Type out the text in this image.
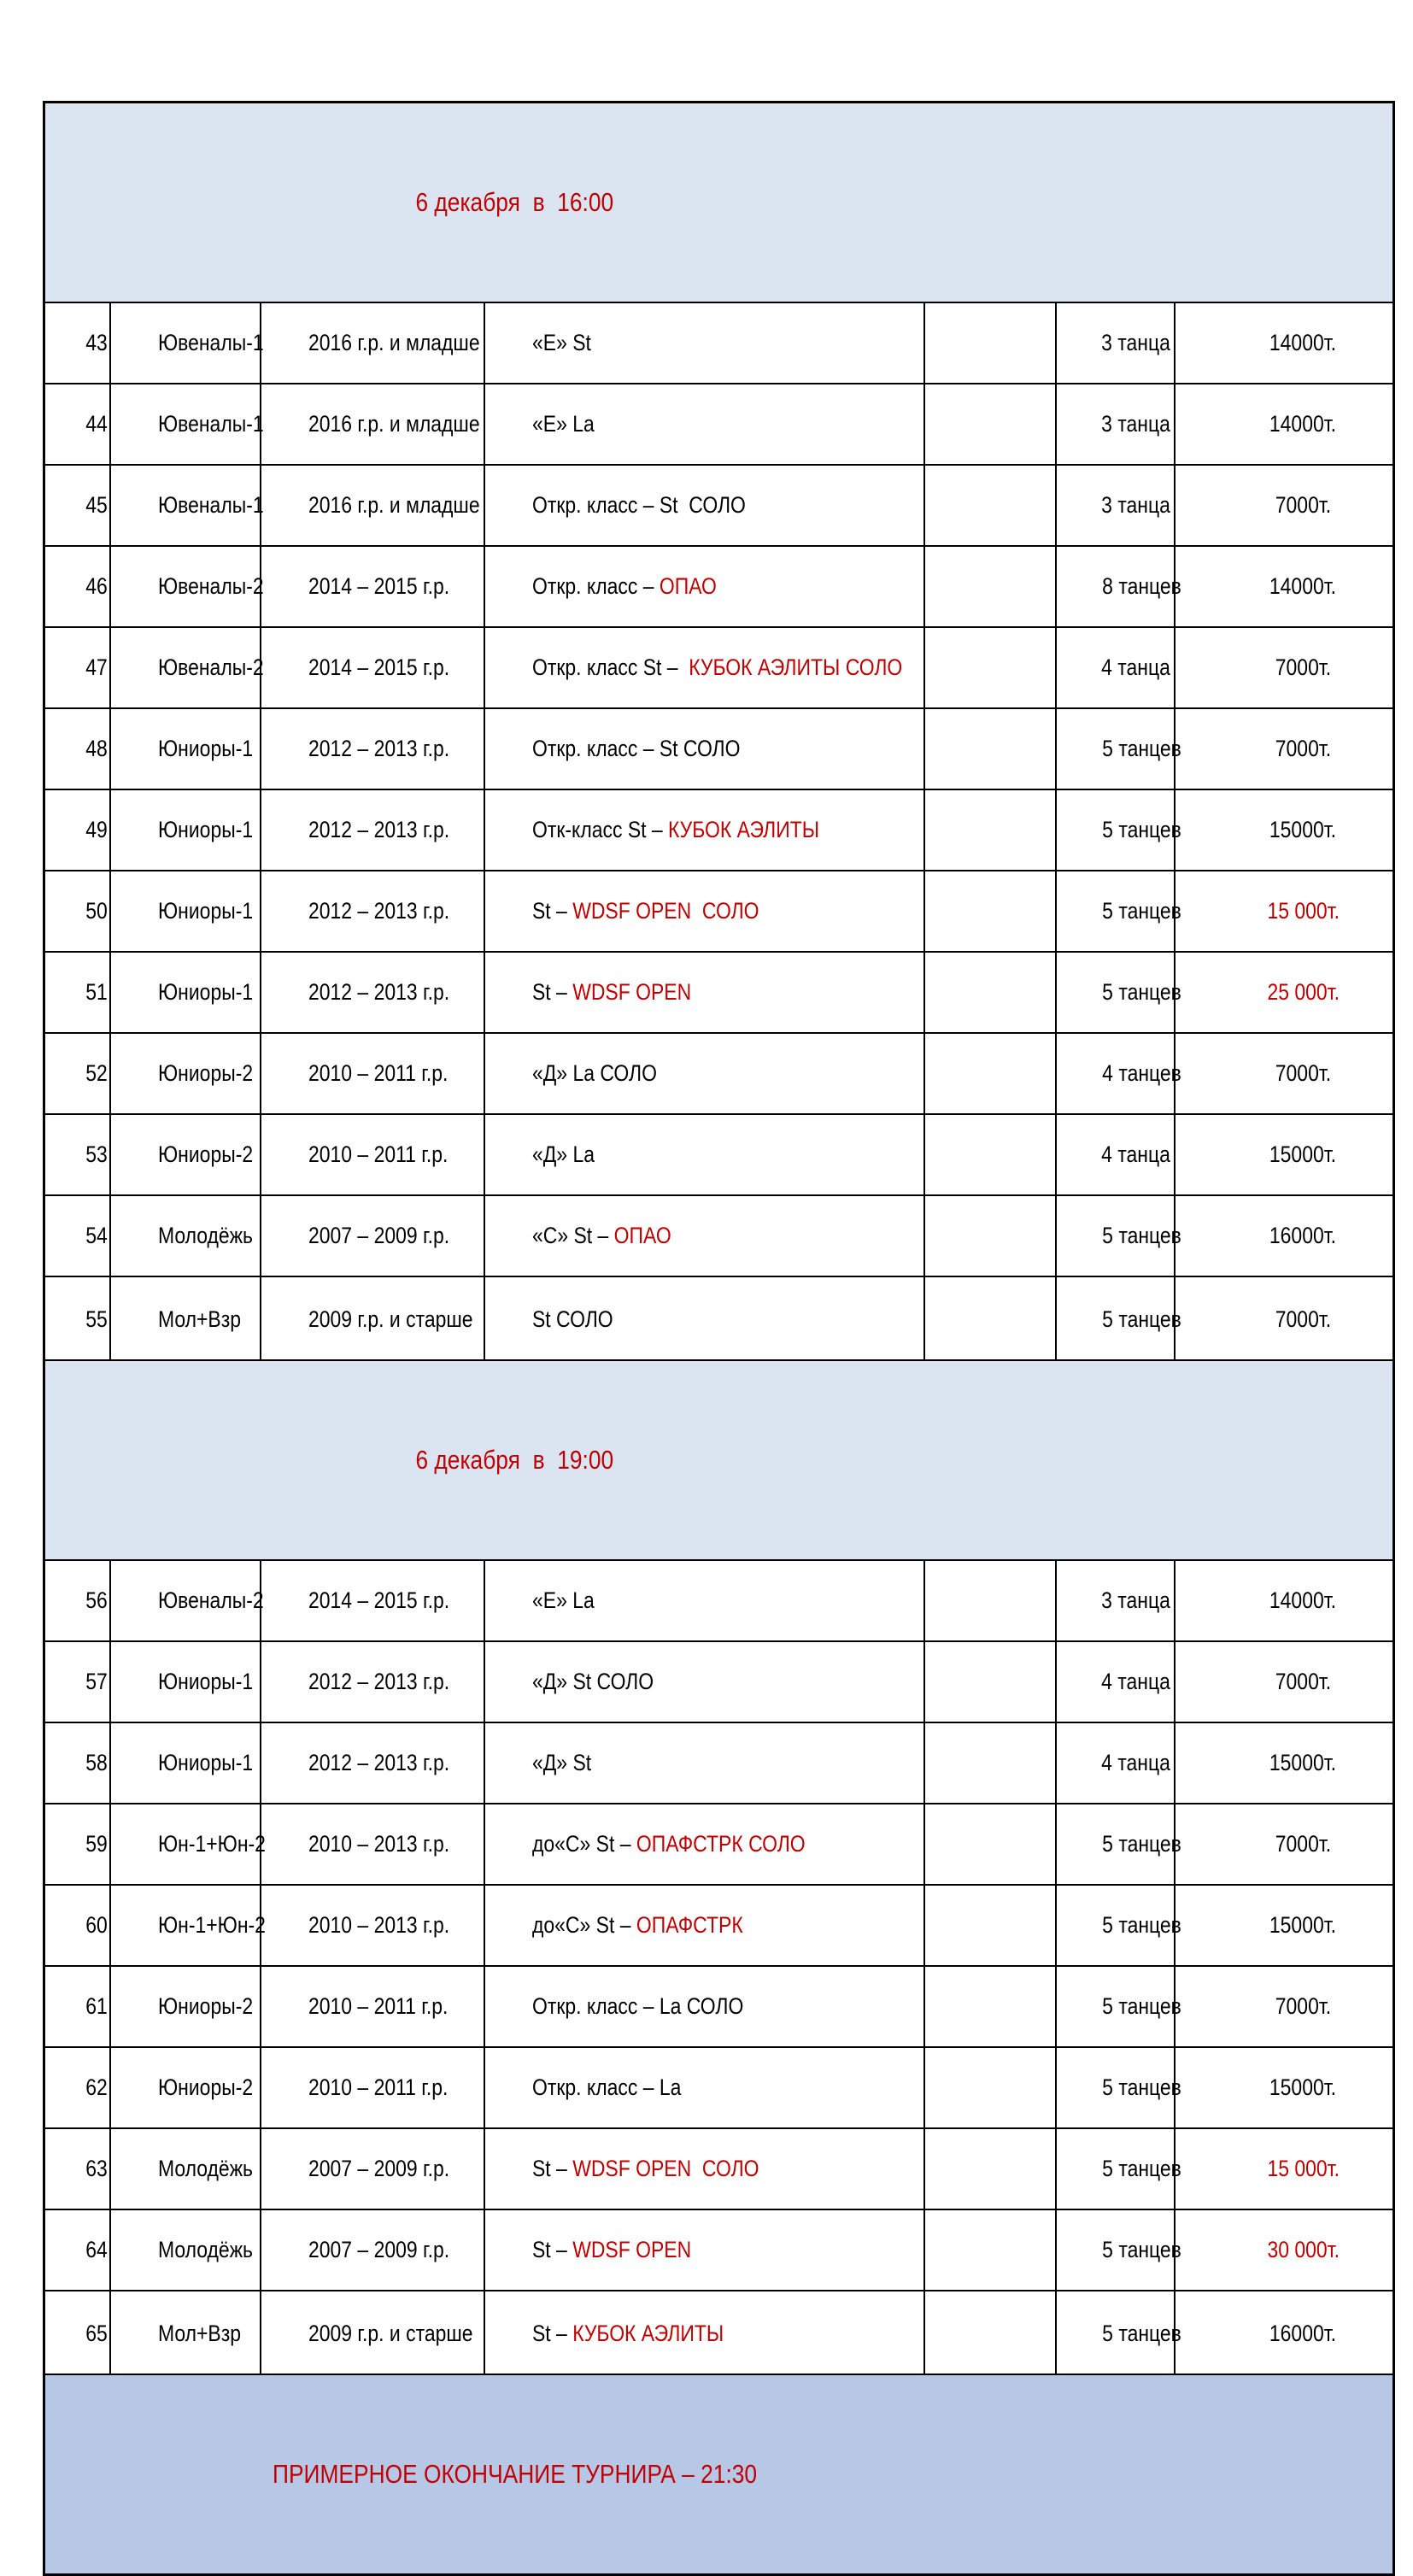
6 декабря  в  16:00						

43	Ювеналы-1	2016 г.р. и младше	«Е» St		3 танца	14000т.

44	Ювеналы-1	2016 г.р. и младше	«Е» La		3 танца	14000т.

45	Ювеналы-1	2016 г.р. и младше	Откр. класс – St  СОЛО		3 танца	7000т.

46	Ювеналы-2	2014 – 2015 г.р.	Откр. класс – ОПАО		8 танцев	14000т.

47	Ювеналы-2	2014 – 2015 г.р.	Откр. класс St –  КУБОК АЭЛИТЫ СОЛО		4 танца	7000т.

48	Юниоры-1	2012 – 2013 г.р.	Откр. класс – St СОЛО		5 танцев	7000т.

49	Юниоры-1	2012 – 2013 г.р.	Отк-класс St – КУБОК АЭЛИТЫ		5 танцев	15000т.

50	Юниоры-1	2012 – 2013 г.р.	St – WDSF OPEN  СОЛО		5 танцев	15 000т.

51	Юниоры-1	2012 – 2013 г.р.	St – WDSF OPEN		5 танцев	25 000т.

52	Юниоры-2	2010 – 2011 г.р.	«Д» La СОЛО		4 танцев	7000т.

53	Юниоры-2	2010 – 2011 г.р.	«Д» La		4 танца	15000т.

54	Молодёжь	2007 – 2009 г.р.	«С» St – ОПАО		5 танцев	16000т.

55	Мол+Взр	2009 г.р. и старше	St СОЛО		5 танцев	7000т.

6 декабря  в  19:00						

56	Ювеналы-2	2014 – 2015 г.р.	«Е» La		3 танца	14000т.

57	Юниоры-1	2012 – 2013 г.р.	«Д» St СОЛО		4 танца	7000т.

58	Юниоры-1	2012 – 2013 г.р.	«Д» St		4 танца	15000т.

59	Юн-1+Юн-2	2010 – 2013 г.р.	до«С» St – ОПАФСТРК СОЛО		5 танцев	7000т.

60	Юн-1+Юн-2	2010 – 2013 г.р.	до«С» St – ОПАФСТРК		5 танцев	15000т.

61	Юниоры-2	2010 – 2011 г.р.	Откр. класс – La СОЛО		5 танцев	7000т.

62	Юниоры-2	2010 – 2011 г.р.	Откр. класс – La		5 танцев	15000т.

63	Молодёжь	2007 – 2009 г.р.	St – WDSF OPEN  СОЛО		5 танцев	15 000т.

64	Молодёжь	2007 – 2009 г.р.	St – WDSF OPEN		5 танцев	30 000т.

65	Мол+Взр	2009 г.р. и старше	St – КУБОК АЭЛИТЫ		5 танцев	16000т.

ПРИМЕРНОЕ ОКОНЧАНИЕ ТУРНИРА – 21:30						
